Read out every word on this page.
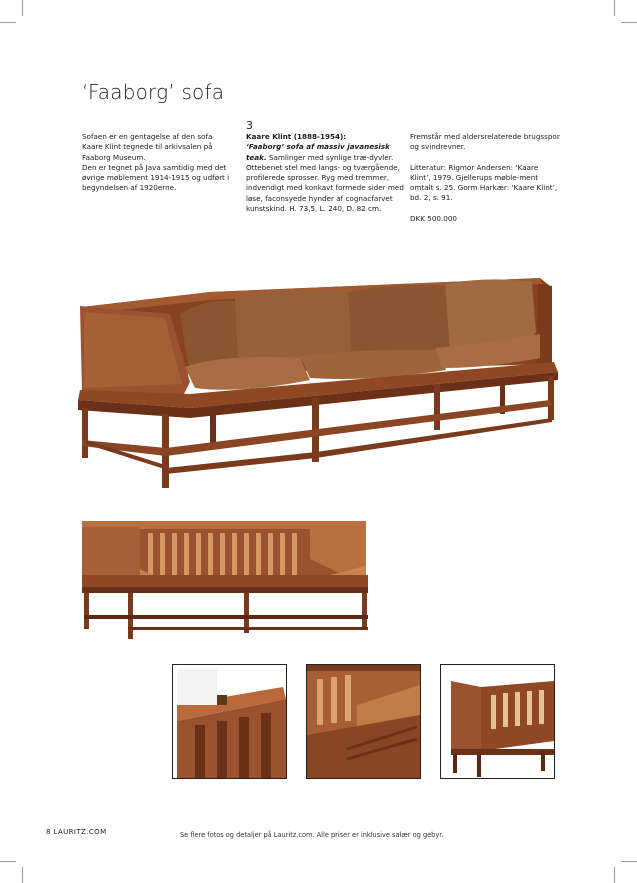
‘Faaborg’ sofa

Sofaen er en gentagelse af den sofa Kaare Klint tegnede til arkivsalen på Faaborg Museum.

Den er tegnet på Java samtidig med det øvrige møblement 1914-1915 og udført i begyndelsen af 1920erne.

3

Kaare Klint (1888-1954):
‘Faaborg’ sofa af massiv javanesisk teak. Samlinger med synlige træ-dyvler. Ottebenet stel med langs- og tværgående, profilerede sprosser. Ryg med tremmer, indvendigt med konkavt formede sider med løse, faconsyede hynder af cognacfarvet kunstskind. H. 73,5, L. 240, D. 82 cm.

Fremstår med aldersrelaterede brugsspor og svindrevner.

Litteratur: Rigmor Andersen: ‘Kaare Klint’, 1979. Gjellerups møble-ment omtalt s. 25. Gorm Harkær: ‘Kaare Klint’, bd. 2, s. 91.

DKK 500.000

8 LAURITZ.COM	Se flere fotos og detaljer på Lauritz.com. Alle priser er inklusive salær og gebyr.
